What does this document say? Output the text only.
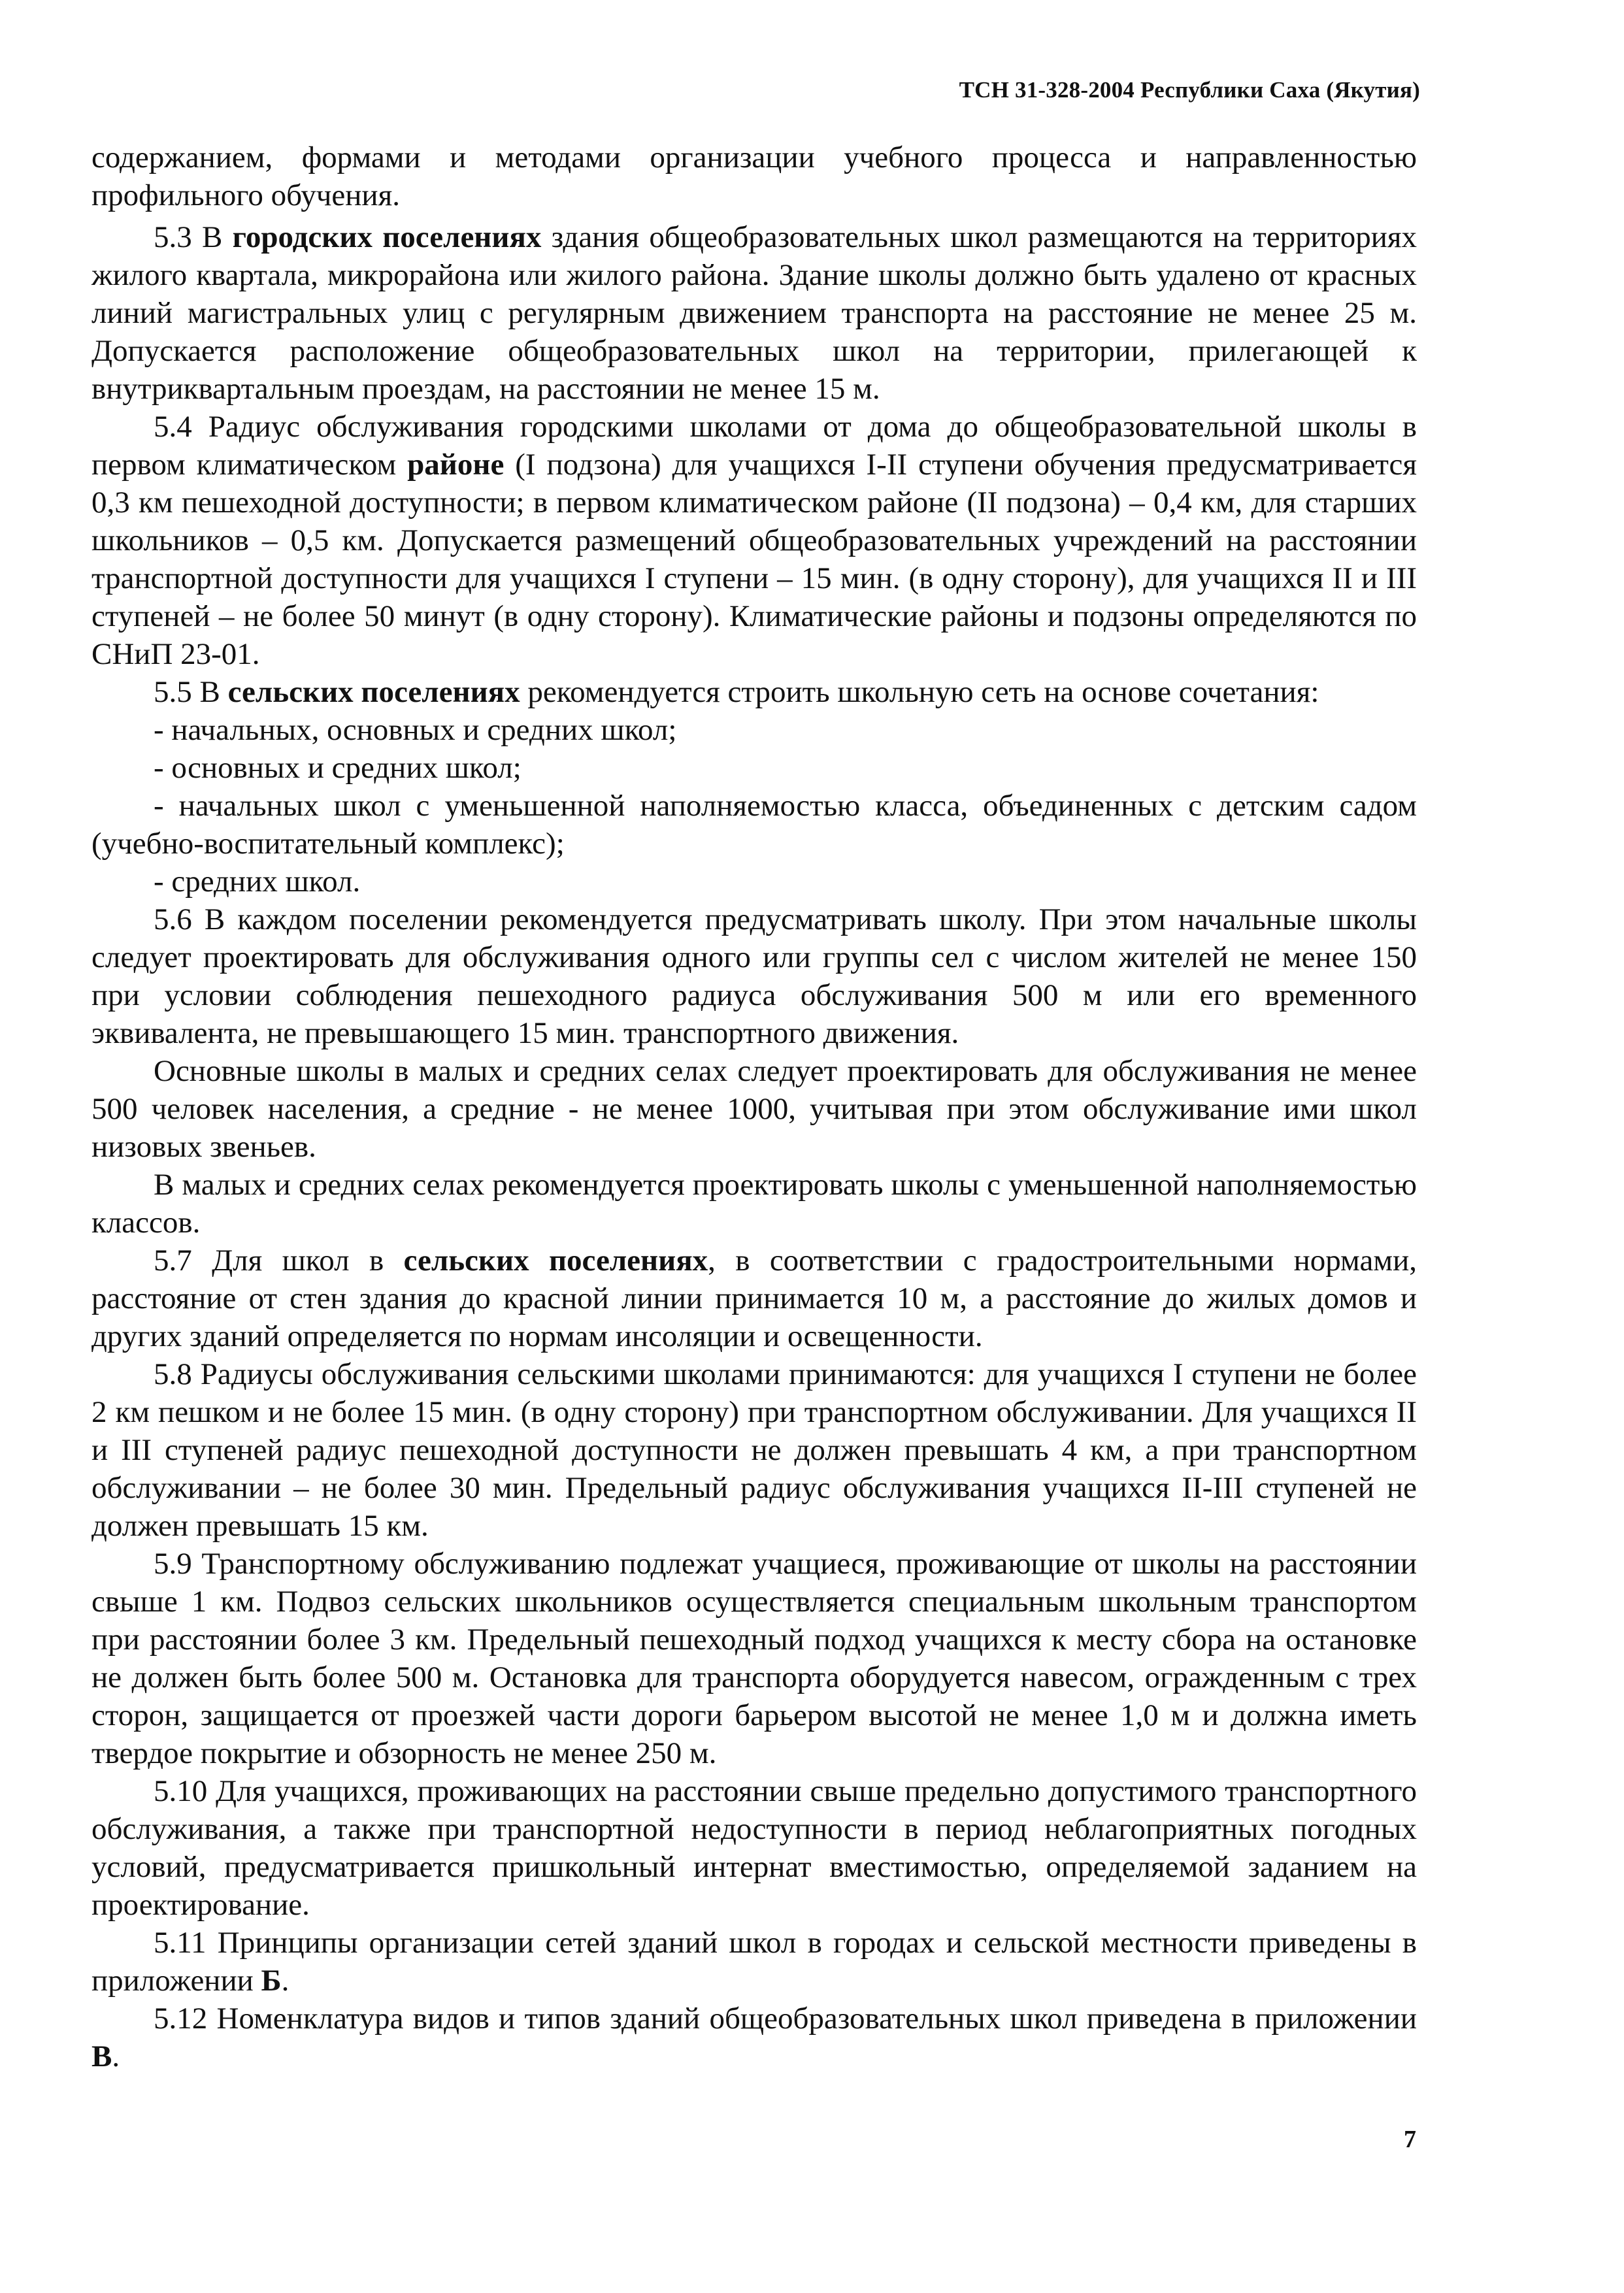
ТСН 31-328-2004 Республики Саха (Якутия)

содержанием, формами и методами организации учебного процесса и направленностью профильного обучения.

5.3 В городских поселениях здания общеобразовательных школ размещаются на территориях жилого квартала, микрорайона или жилого района. Здание школы должно быть удалено от красных линий магистральных улиц с регулярным движением транспорта на расстояние не менее 25 м. Допускается расположение общеобразовательных школ на территории, прилегающей к внутриквартальным проездам, на расстоянии не менее 15 м.

5.4 Радиус обслуживания городскими школами от дома до общеобразовательной школы в первом климатическом районе (I подзона) для учащихся I-II ступени обучения предусматривается 0,3 км пешеходной доступности; в первом климатическом районе (II подзона) – 0,4 км, для старших школьников – 0,5 км. Допускается размещений общеобразовательных учреждений на расстоянии транспортной доступности для учащихся I ступени – 15 мин. (в одну сторону), для учащихся II и III ступеней – не более 50 минут (в одну сторону). Климатические районы и подзоны определяются по СНиП 23-01.

5.5 В сельских поселениях рекомендуется строить школьную сеть на основе сочетания:

- начальных, основных и средних школ;

- основных и средних школ;

- начальных школ с уменьшенной наполняемостью класса, объединенных с детским садом (учебно-воспитательный комплекс);

- средних школ.

5.6 В каждом поселении рекомендуется предусматривать школу. При этом начальные школы следует проектировать для обслуживания одного или группы сел с числом жителей не менее 150 при условии соблюдения пешеходного радиуса обслуживания 500 м или его временного эквивалента, не превышающего 15 мин. транспортного движения.

Основные школы в малых и средних селах следует проектировать для обслуживания не менее 500 человек населения, а средние - не менее 1000, учитывая при этом обслуживание ими школ низовых звеньев.

В малых и средних селах рекомендуется проектировать школы с уменьшенной наполняемостью классов.

5.7 Для школ в сельских поселениях, в соответствии с градостроительными нормами, расстояние от стен здания до красной линии принимается 10 м, а расстояние до жилых домов и других зданий определяется по нормам инсоляции и освещенности.

5.8 Радиусы обслуживания сельскими школами принимаются: для учащихся I ступени не более 2 км пешком и не более 15 мин. (в одну сторону) при транспортном обслуживании. Для учащихся II и III ступеней радиус пешеходной доступности не должен превышать 4 км, а при транспортном обслуживании – не более 30 мин. Предельный радиус обслуживания учащихся II-III ступеней не должен превышать 15 км.

5.9 Транспортному обслуживанию подлежат учащиеся, проживающие от школы на расстоянии свыше 1 км. Подвоз сельских школьников осуществляется специальным школьным транспортом при расстоянии более 3 км. Предельный пешеходный подход учащихся к месту сбора на остановке не должен быть более 500 м. Остановка для транспорта оборудуется навесом, огражденным с трех сторон, защищается от проезжей части дороги барьером высотой не менее 1,0 м и должна иметь твердое покрытие и обзорность не менее 250 м.

5.10 Для учащихся, проживающих на расстоянии свыше предельно допустимого транспортного обслуживания, а также при транспортной недоступности в период неблагоприятных погодных условий, предусматривается пришкольный интернат вместимостью, определяемой заданием на проектирование.

5.11 Принципы организации сетей зданий школ в городах и сельской местности приведены в приложении Б.

5.12 Номенклатура видов и типов зданий общеобразовательных школ приведена в приложении В.

7
